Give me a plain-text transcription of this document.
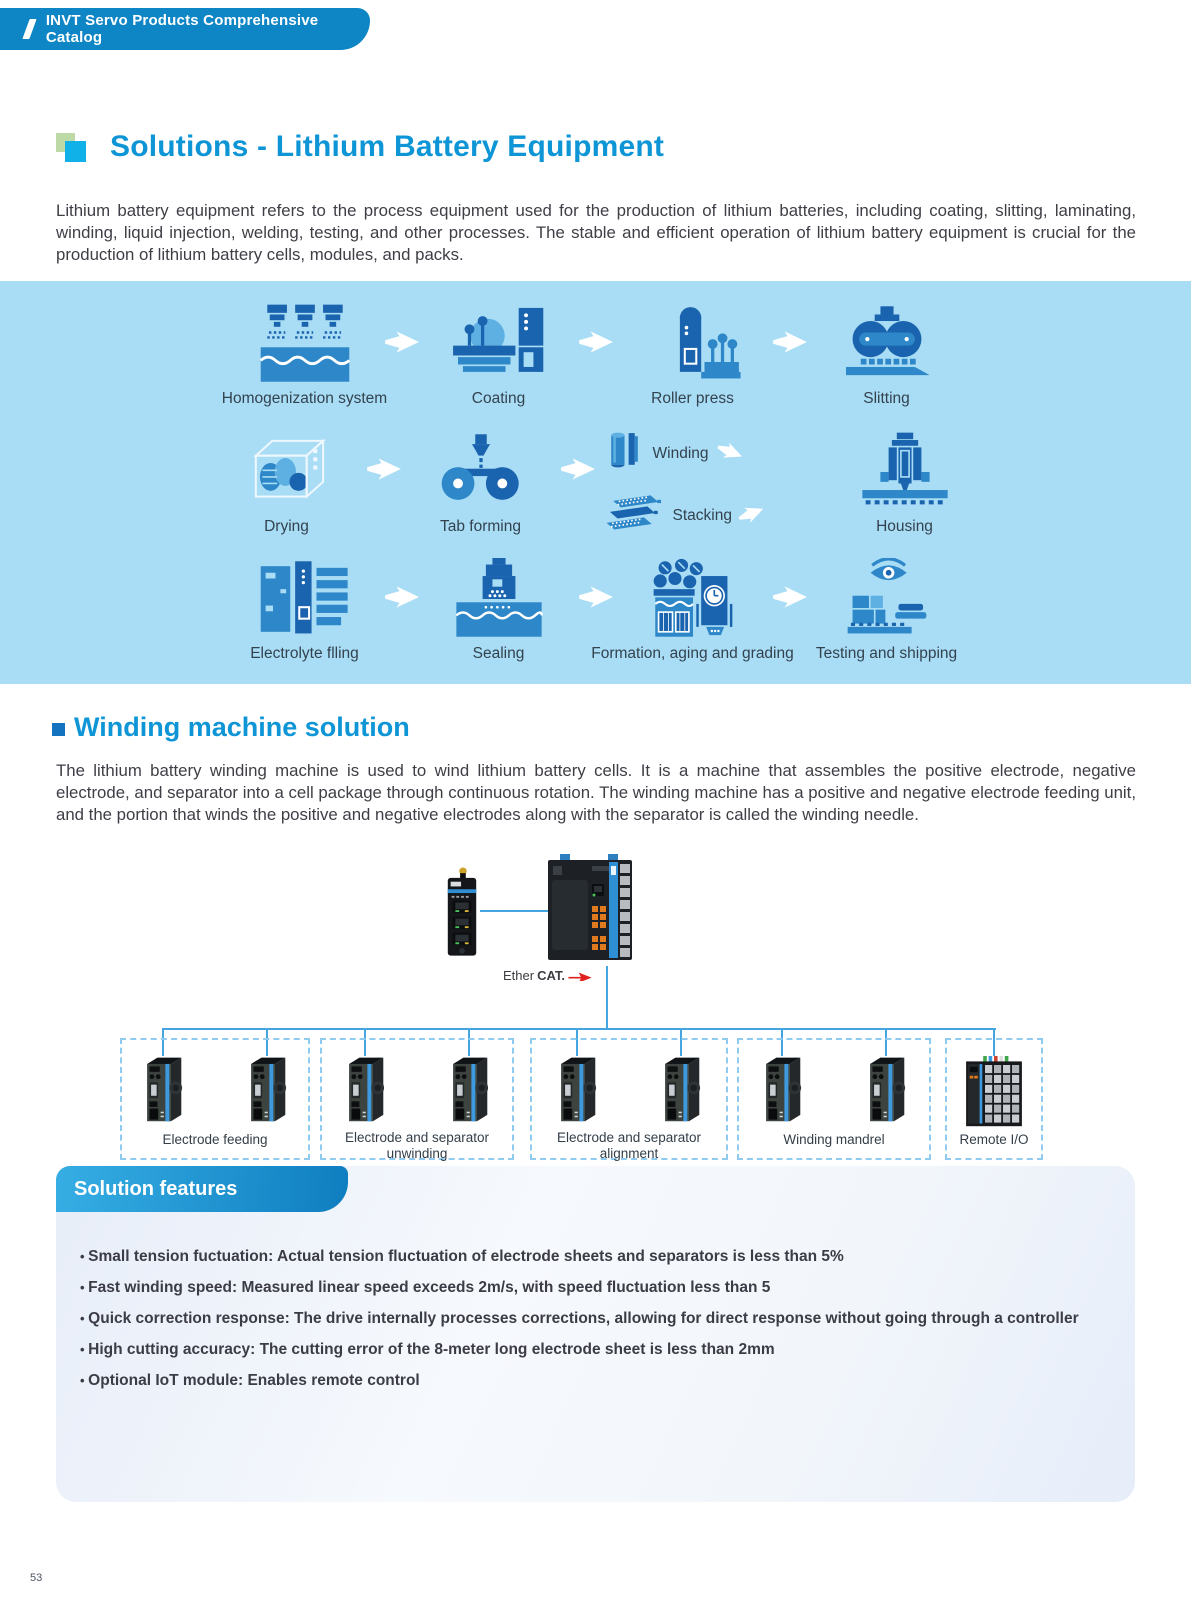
INVT Servo Products Comprehensive Catalog
Solutions - Lithium Battery Equipment
Lithium battery equipment refers to the process equipment used for the production of lithium batteries, including coating, slitting, laminating, winding, liquid injection, welding, testing, and other processes. The stable and efficient operation of lithium battery equipment is crucial for the production of lithium battery cells, modules, and packs.
Homogenization system	Coating	Roller press	Slitting
Drying	Tab forming
Winding
Stacking
Housing
Electrolyte flling	Sealing	Formation, aging and grading Testing and shipping
Winding machine solution
The lithium battery winding machine is used to wind lithium battery cells. It is a machine that assembles the positive electrode, negative electrode, and separator into a cell package through continuous rotation. The winding machine has a positive and negative electrode feeding unit, and the portion that winds the positive and negative electrodes along with the separator is called the winding needle.
Ether CAT.
Electrode feeding	Electrode and separator unwinding
Electrode and separator alignment
Winding mandrel	Remote I/O
Solution features
• Small tension fuctuation: Actual tension fluctuation of electrode sheets and separators is less than 5%
• Fast winding speed: Measured linear speed exceeds 2m/s, with speed fluctuation less than 5
• Quick correction response: The drive internally processes corrections, allowing for direct response without going through a controller
• High cutting accuracy: The cutting error of the 8-meter long electrode sheet is less than 2mm
• Optional IoT module: Enables remote control
53
